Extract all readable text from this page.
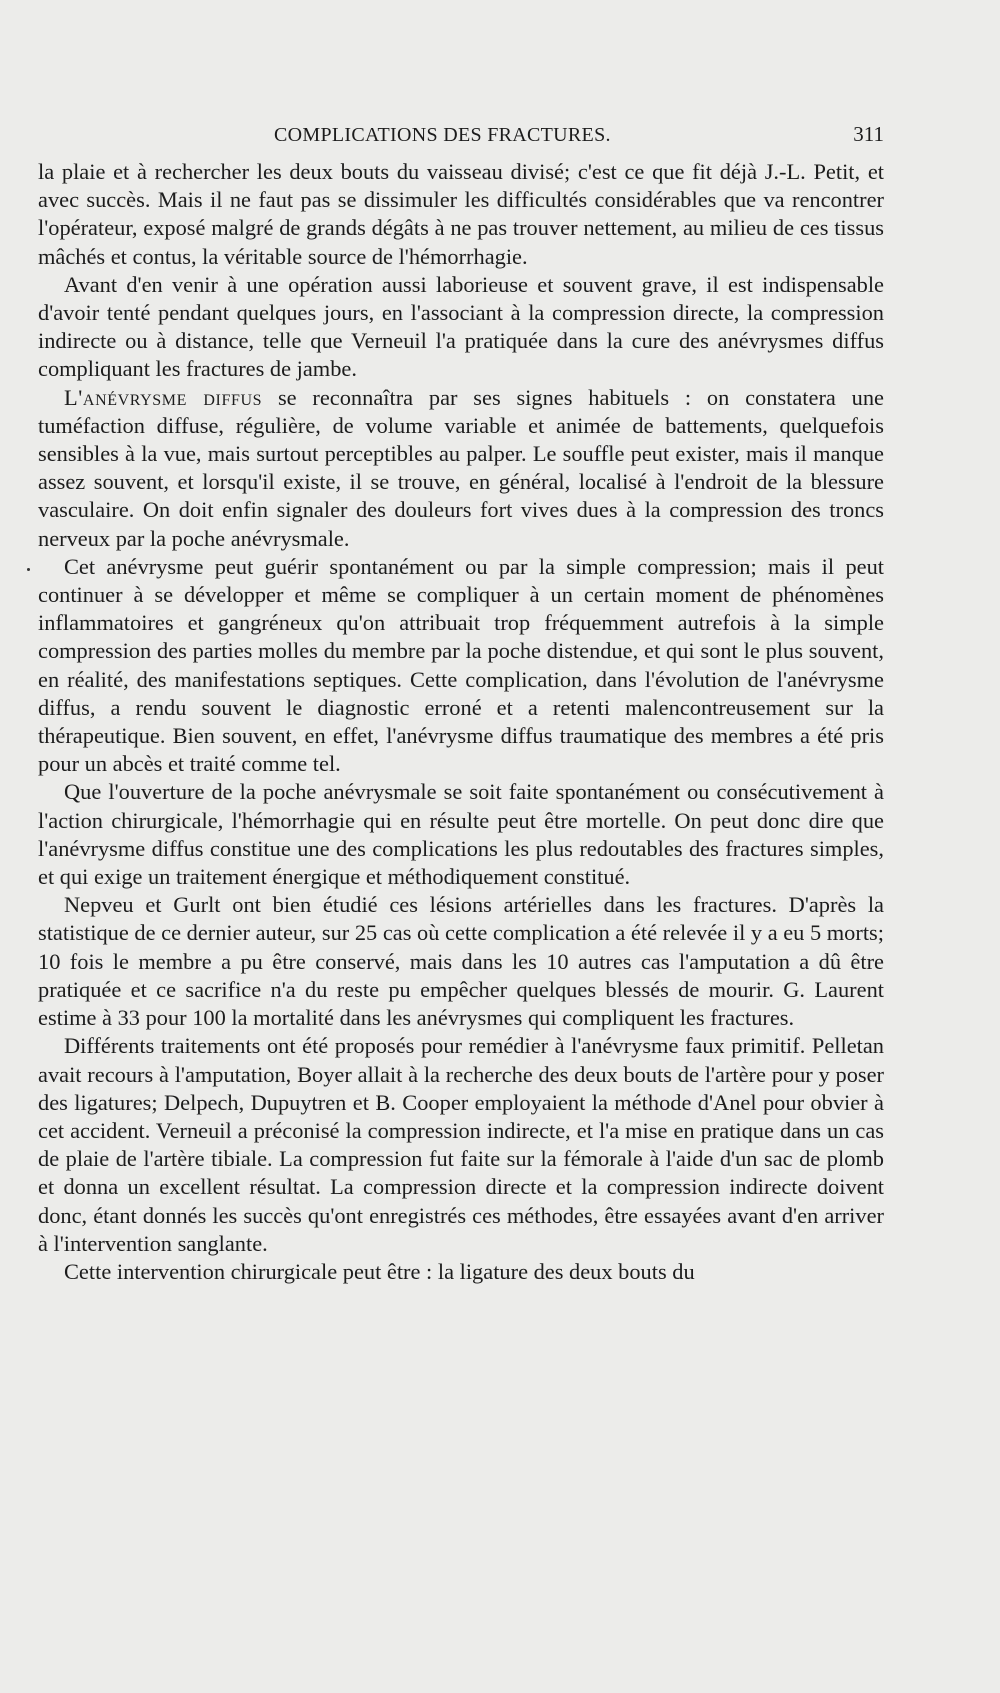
COMPLICATIONS DES FRACTURES.	311

la plaie et à rechercher les deux bouts du vaisseau divisé; c'est ce que fit déjà J.-L. Petit, et avec succès. Mais il ne faut pas se dissimuler les difficultés considérables que va rencontrer l'opérateur, exposé malgré de grands dégâts à ne pas trouver nettement, au milieu de ces tissus mâchés et contus, la véritable source de l'hémorrhagie.

Avant d'en venir à une opération aussi laborieuse et souvent grave, il est indispensable d'avoir tenté pendant quelques jours, en l'associant à la compression directe, la compression indirecte ou à distance, telle que Verneuil l'a pratiquée dans la cure des anévrysmes diffus compliquant les fractures de jambe.

L'anévrysme diffus se reconnaîtra par ses signes habituels : on constatera une tuméfaction diffuse, régulière, de volume variable et animée de battements, quelquefois sensibles à la vue, mais surtout perceptibles au palper. Le souffle peut exister, mais il manque assez souvent, et lorsqu'il existe, il se trouve, en général, localisé à l'endroit de la blessure vasculaire. On doit enfin signaler des douleurs fort vives dues à la compression des troncs nerveux par la poche anévrysmale.

Cet anévrysme peut guérir spontanément ou par la simple compression; mais il peut continuer à se développer et même se compliquer à un certain moment de phénomènes inflammatoires et gangréneux qu'on attribuait trop fréquemment autrefois à la simple compression des parties molles du membre par la poche distendue, et qui sont le plus souvent, en réalité, des manifestations septiques. Cette complication, dans l'évolution de l'anévrysme diffus, a rendu souvent le diagnostic erroné et a retenti malencontreusement sur la thérapeutique. Bien souvent, en effet, l'anévrysme diffus traumatique des membres a été pris pour un abcès et traité comme tel.

Que l'ouverture de la poche anévrysmale se soit faite spontanément ou consécutivement à l'action chirurgicale, l'hémorrhagie qui en résulte peut être mortelle. On peut donc dire que l'anévrysme diffus constitue une des complications les plus redoutables des fractures simples, et qui exige un traitement énergique et méthodiquement constitué.

Nepveu et Gurlt ont bien étudié ces lésions artérielles dans les fractures. D'après la statistique de ce dernier auteur, sur 25 cas où cette complication a été relevée il y a eu 5 morts; 10 fois le membre a pu être conservé, mais dans les 10 autres cas l'amputation a dû être pratiquée et ce sacrifice n'a du reste pu empêcher quelques blessés de mourir. G. Laurent estime à 33 pour 100 la mortalité dans les anévrysmes qui compliquent les fractures.

Différents traitements ont été proposés pour remédier à l'anévrysme faux primitif. Pelletan avait recours à l'amputation, Boyer allait à la recherche des deux bouts de l'artère pour y poser des ligatures; Delpech, Dupuytren et B. Cooper employaient la méthode d'Anel pour obvier à cet accident. Verneuil a préconisé la compression indirecte, et l'a mise en pratique dans un cas de plaie de l'artère tibiale. La compression fut faite sur la fémorale à l'aide d'un sac de plomb et donna un excellent résultat. La compression directe et la compression indirecte doivent donc, étant donnés les succès qu'ont enregistrés ces méthodes, être essayées avant d'en arriver à l'intervention sanglante.

Cette intervention chirurgicale peut être : la ligature des deux bouts du
